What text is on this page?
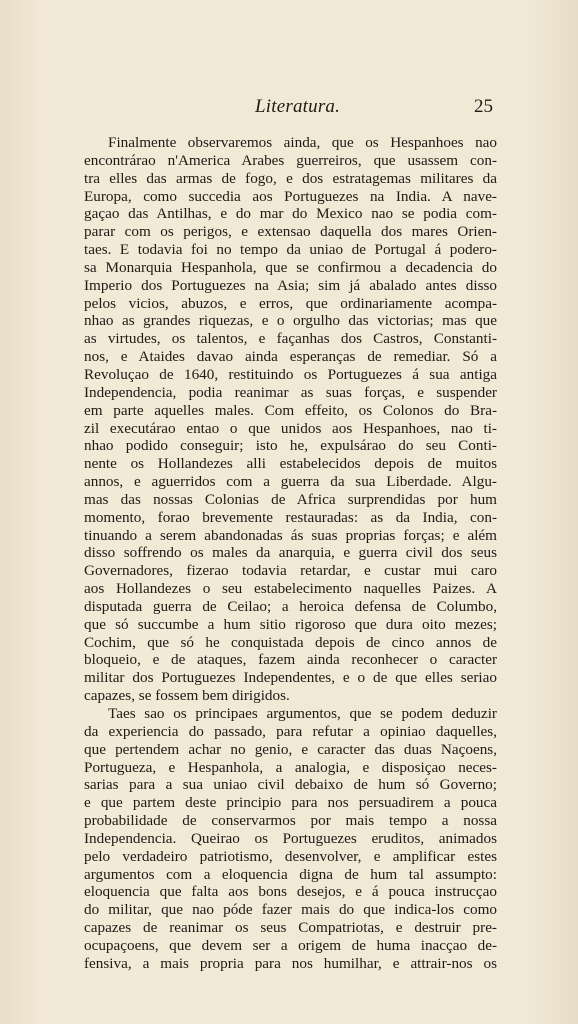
Literatura.	25
Finalmente observaremos ainda, que os Hespanhoes nao
encontrárao n'America Arabes guerreiros, que usassem con-
tra elles das armas de fogo, e dos estratagemas militares da
Europa, como succedia aos Portuguezes na India. A nave-
gaçao das Antilhas, e do mar do Mexico nao se podia com-
parar com os perigos, e extensao daquella dos mares Orien-
taes. E todavia foi no tempo da uniao de Portugal á podero-
sa Monarquia Hespanhola, que se confirmou a decadencia do
Imperio dos Portuguezes na Asia; sim já abalado antes disso
pelos vicios, abuzos, e erros, que ordinariamente acompa-
nhao as grandes riquezas, e o orgulho das victorias; mas que
as virtudes, os talentos, e façanhas dos Castros, Constanti-
nos, e Ataides davao ainda esperanças de remediar. Só a
Revoluçao de 1640, restituindo os Portuguezes á sua antiga
Independencia, podia reanimar as suas forças, e suspender
em parte aquelles males. Com effeito, os Colonos do Bra-
zil executárao entao o que unidos aos Hespanhoes, nao ti-
nhao podido conseguir; isto he, expulsárao do seu Conti-
nente os Hollandezes alli estabelecidos depois de muitos
annos, e aguerridos com a guerra da sua Liberdade. Algu-
mas das nossas Colonias de Africa surprendidas por hum
momento, forao brevemente restauradas: as da India, con-
tinuando a serem abandonadas ás suas proprias forças; e além
disso soffrendo os males da anarquia, e guerra civil dos seus
Governadores, fizerao todavia retardar, e custar mui caro
aos Hollandezes o seu estabelecimento naquelles Paizes. A
disputada guerra de Ceilao; a heroica defensa de Columbo,
que só succumbe a hum sitio rigoroso que dura oito mezes;
Cochim, que só he conquistada depois de cinco annos de
bloqueio, e de ataques, fazem ainda reconhecer o caracter
militar dos Portuguezes Independentes, e o de que elles seriao
capazes, se fossem bem dirigidos.
Taes sao os principaes argumentos, que se podem deduzir
da experiencia do passado, para refutar a opiniao daquelles,
que pertendem achar no genio, e caracter das duas Naçoens,
Portugueza, e Hespanhola, a analogia, e disposiçao neces-
sarias para a sua uniao civil debaixo de hum só Governo;
e que partem deste principio para nos persuadirem a pouca
probabilidade de conservarmos por mais tempo a nossa
Independencia. Queirao os Portuguezes eruditos, animados
pelo verdadeiro patriotismo, desenvolver, e amplificar estes
argumentos com a eloquencia digna de hum tal assumpto:
eloquencia que falta aos bons desejos, e á pouca instrucçao
do militar, que nao póde fazer mais do que indica-los como
capazes de reanimar os seus Compatriotas, e destruir pre-
ocupaçoens, que devem ser a origem de huma inacçao de-
fensiva, a mais propria para nos humilhar, e attrair-nos os
